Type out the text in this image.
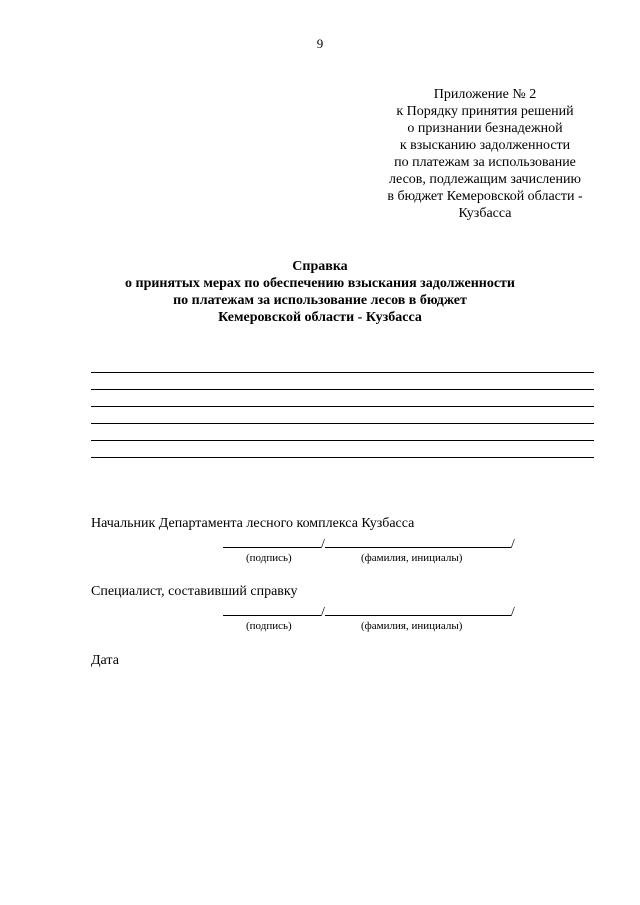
9
Приложение № 2
к Порядку принятия решений
о признании безнадежной
к взысканию задолженности
по платежам за использование
лесов, подлежащим зачислению
в бюджет Кемеровской области -
Кузбасса
Справка
о принятых мерах по обеспечению взыскания задолженности
по платежам за использование лесов в бюджет
Кемеровской области - Кузбасса
Начальник Департамента лесного комплекса Кузбасса
/	/
(подпись)	(фамилия, инициалы)
Специалист, составивший справку
/	/
(подпись)	(фамилия, инициалы)
Дата
